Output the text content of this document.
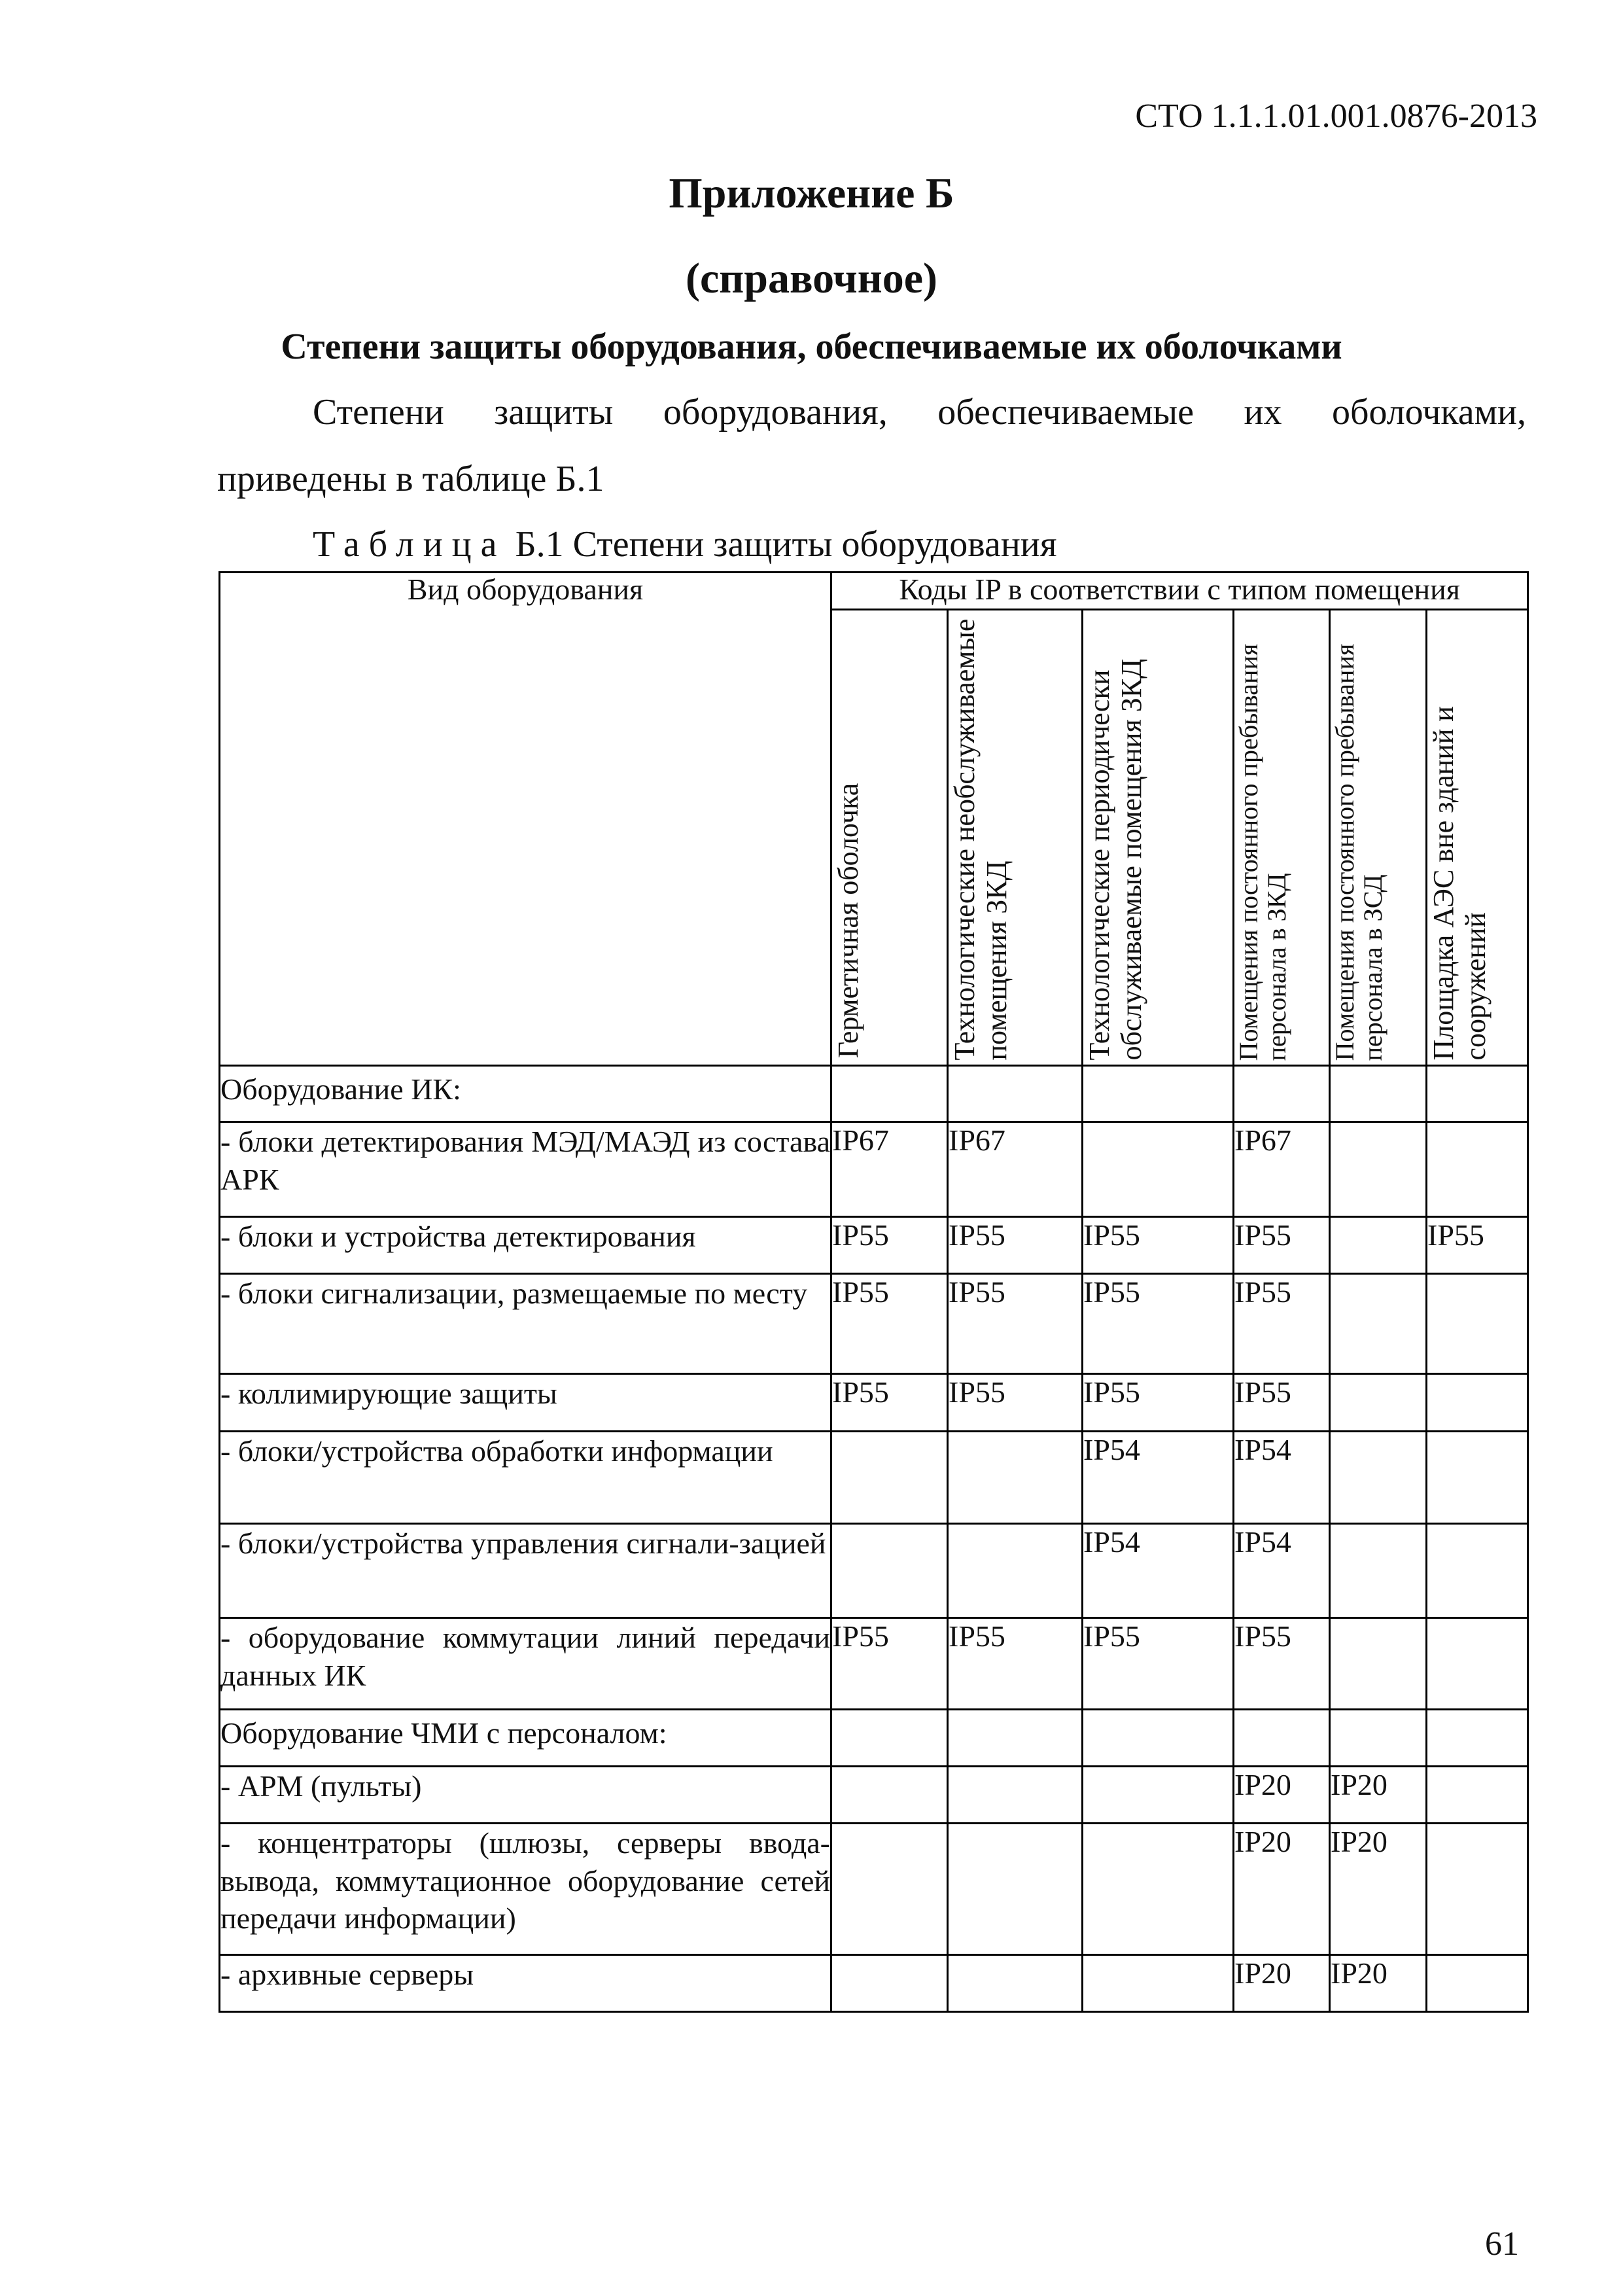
СТО 1.1.1.01.001.0876-2013
Приложение Б
(справочное)
Степени защиты оборудования, обеспечиваемые их оболочками
Степени защиты оборудования, обеспечиваемые их оболочками,
приведены в таблице Б.1
Таблица Б.1 Степени защиты оборудования
Вид оборудования	Коды IP в соответствии с типом помещения					

	Герметичная оболочка	Технологические необслуживаемые помещения ЗКД	Технологические периодически обслуживаемые помещения ЗКД	Помещения постоянного пребывания персонала в ЗКД	Помещения постоянного пребывания персонала в ЗСД	Площадка АЭС вне зданий и сооружений

Оборудование ИК:						
- блоки детектирования МЭД/МАЭД из состава АРК	IP67	IP67		IP67		
- блоки и устройства детектирования	IP55	IP55	IP55	IP55		IP55
- блоки сигнализации, размещаемые по месту	IP55	IP55	IP55	IP55		
- коллимирующие защиты	IP55	IP55	IP55	IP55		
- блоки/устройства обработки информации			IP54	IP54		
- блоки/устройства управления сигнали-зацией			IP54	IP54		
- оборудование коммутации линий передачи данных ИК	IP55	IP55	IP55	IP55		
Оборудование ЧМИ с персоналом:						
- АРМ (пульты)				IP20	IP20	
- концентраторы (шлюзы, серверы ввода-вывода, коммутационное оборудование сетей передачи информации)				IP20	IP20	
- архивные серверы				IP20	IP20	
61
